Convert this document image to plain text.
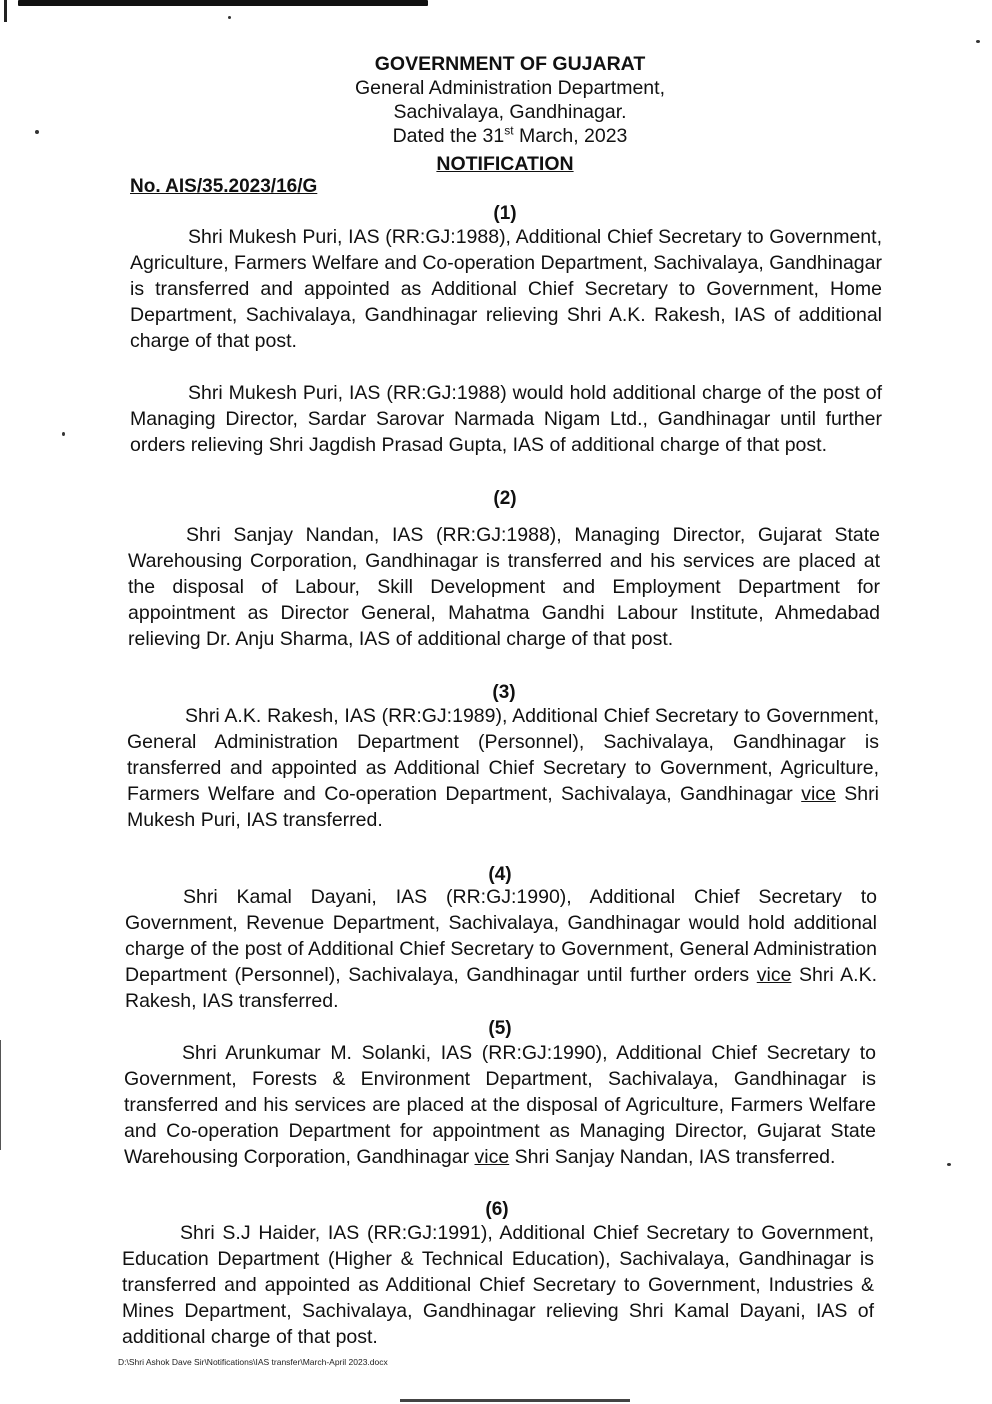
GOVERNMENT OF GUJARAT
General Administration Department,
Sachivalaya, Gandhinagar.
Dated the 31st March, 2023
NOTIFICATION
No. AIS/35.2023/16/G
(1)

Shri Mukesh Puri, IAS (RR:GJ:1988), Additional Chief Secretary to Government, Agriculture, Farmers Welfare and Co-operation Department, Sachivalaya, Gandhinagar is transferred and appointed as Additional Chief Secretary to Government, Home Department, Sachivalaya, Gandhinagar relieving Shri A.K. Rakesh, IAS of additional charge of that post.

Shri Mukesh Puri, IAS (RR:GJ:1988) would hold additional charge of the post of Managing Director, Sardar Sarovar Narmada Nigam Ltd., Gandhinagar until further orders relieving Shri Jagdish Prasad Gupta, IAS of additional charge of that post.

(2)

Shri Sanjay Nandan, IAS (RR:GJ:1988), Managing Director, Gujarat State Warehousing Corporation, Gandhinagar is transferred and his services are placed at the disposal of Labour, Skill Development and Employment Department for appointment as Director General, Mahatma Gandhi Labour Institute, Ahmedabad relieving Dr. Anju Sharma, IAS of additional charge of that post.

(3)

Shri A.K. Rakesh, IAS (RR:GJ:1989), Additional Chief Secretary to Government, General Administration Department (Personnel), Sachivalaya, Gandhinagar is transferred and appointed as Additional Chief Secretary to Government, Agriculture, Farmers Welfare and Co-operation Department, Sachivalaya, Gandhinagar vice Shri Mukesh Puri, IAS transferred.

(4)

Shri Kamal Dayani, IAS (RR:GJ:1990), Additional Chief Secretary to Government, Revenue Department, Sachivalaya, Gandhinagar would hold additional charge of the post of Additional Chief Secretary to Government, General Administration Department (Personnel), Sachivalaya, Gandhinagar until further orders vice Shri A.K. Rakesh, IAS transferred.

(5)

Shri Arunkumar M. Solanki, IAS (RR:GJ:1990), Additional Chief Secretary to Government, Forests & Environment Department, Sachivalaya, Gandhinagar is transferred and his services are placed at the disposal of Agriculture, Farmers Welfare and Co-operation Department for appointment as Managing Director, Gujarat State Warehousing Corporation, Gandhinagar vice Shri Sanjay Nandan, IAS transferred.

(6)

Shri S.J Haider, IAS (RR:GJ:1991), Additional Chief Secretary to Government, Education Department (Higher & Technical Education), Sachivalaya, Gandhinagar is transferred and appointed as Additional Chief Secretary to Government, Industries & Mines Department, Sachivalaya, Gandhinagar relieving Shri Kamal Dayani, IAS of additional charge of that post.

D:\Shri Ashok Dave Sir\Notifications\IAS transfer\March-April 2023.docx
